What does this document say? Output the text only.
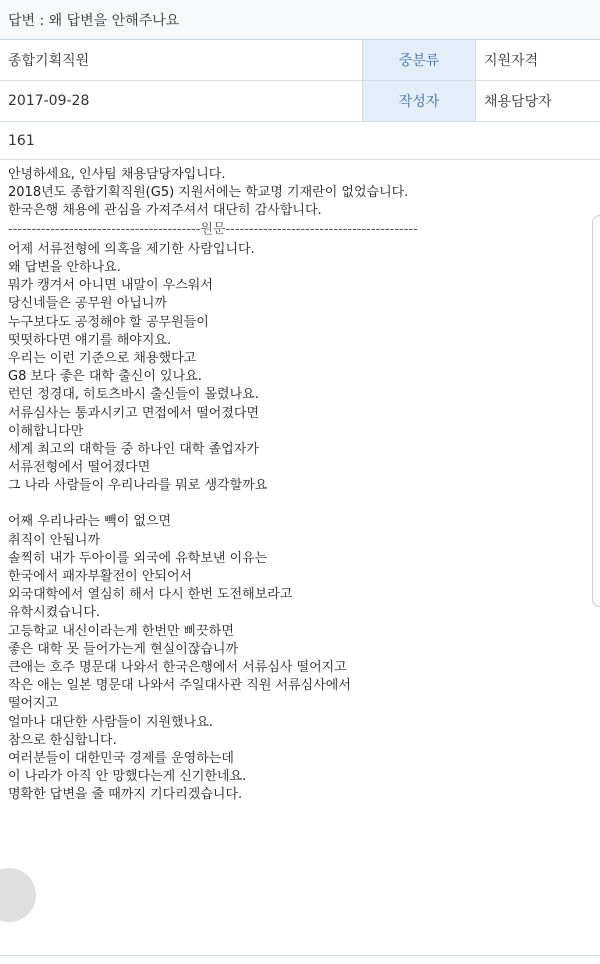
답변 : 왜 답변을 안해주나요
종합기획직원	중분류	지원자격
2017-09-28	작성자	채용담당자
161

안녕하세요, 인사팀 채용담당자입니다.

2018년도 종합기획직원(G5) 지원서에는 학교명 기재란이 없었습니다.

한국은행 채용에 관심을 가져주셔서 대단히 감사합니다.

-----------------------------------------원문-----------------------------------------

어제 서류전형에 의혹을 제기한 사람입니다.

왜 답변을 안하나요.

뭐가 캥겨서 아니면 내말이 우스워서

당신네들은 공무원 아닙니까

누구보다도 공정해야 할 공무원들이

떳떳하다면 얘기를 해야지요.

우리는 이런 기준으로 채용했다고

G8 보다 좋은 대학 출신이 있나요.

런던 정경대, 히토츠바시 출신들이 몰렸나요.

서류심사는 통과시키고 면접에서 떨어졌다면

이해합니다만

세계 최고의 대학들 중 하나인 대학 졸업자가

서류전형에서 떨어졌다면

그 나라 사람들이 우리나라를 뭐로 생각할까요

어째 우리나라는 빽이 없으면

취직이 안됩니까

솔찍히 내가 두아이를 외국에 유학보낸 이유는

한국에서 패자부활전이 안되어서

외국대학에서 열심히 해서 다시 한번 도전해보라고

유학시켰습니다.

고등학교 내신이라는게 한번만 삐끗하면

좋은 대학 못 들어가는게 현실이잖습니까

큰애는 호주 명문대 나와서 한국은행에서 서류심사 떨어지고

작은 애는 일본 명문대 나와서 주일대사관 직원 서류심사에서

떨어지고

얼마나 대단한 사람들이 지원했나요.

참으로 한심합니다.

여러분들이 대한민국 경제를 운영하는데

이 나라가 아직 안 망했다는게 신기한네요.

명확한 답변을 줄 때까지 기다리겠습니다.
